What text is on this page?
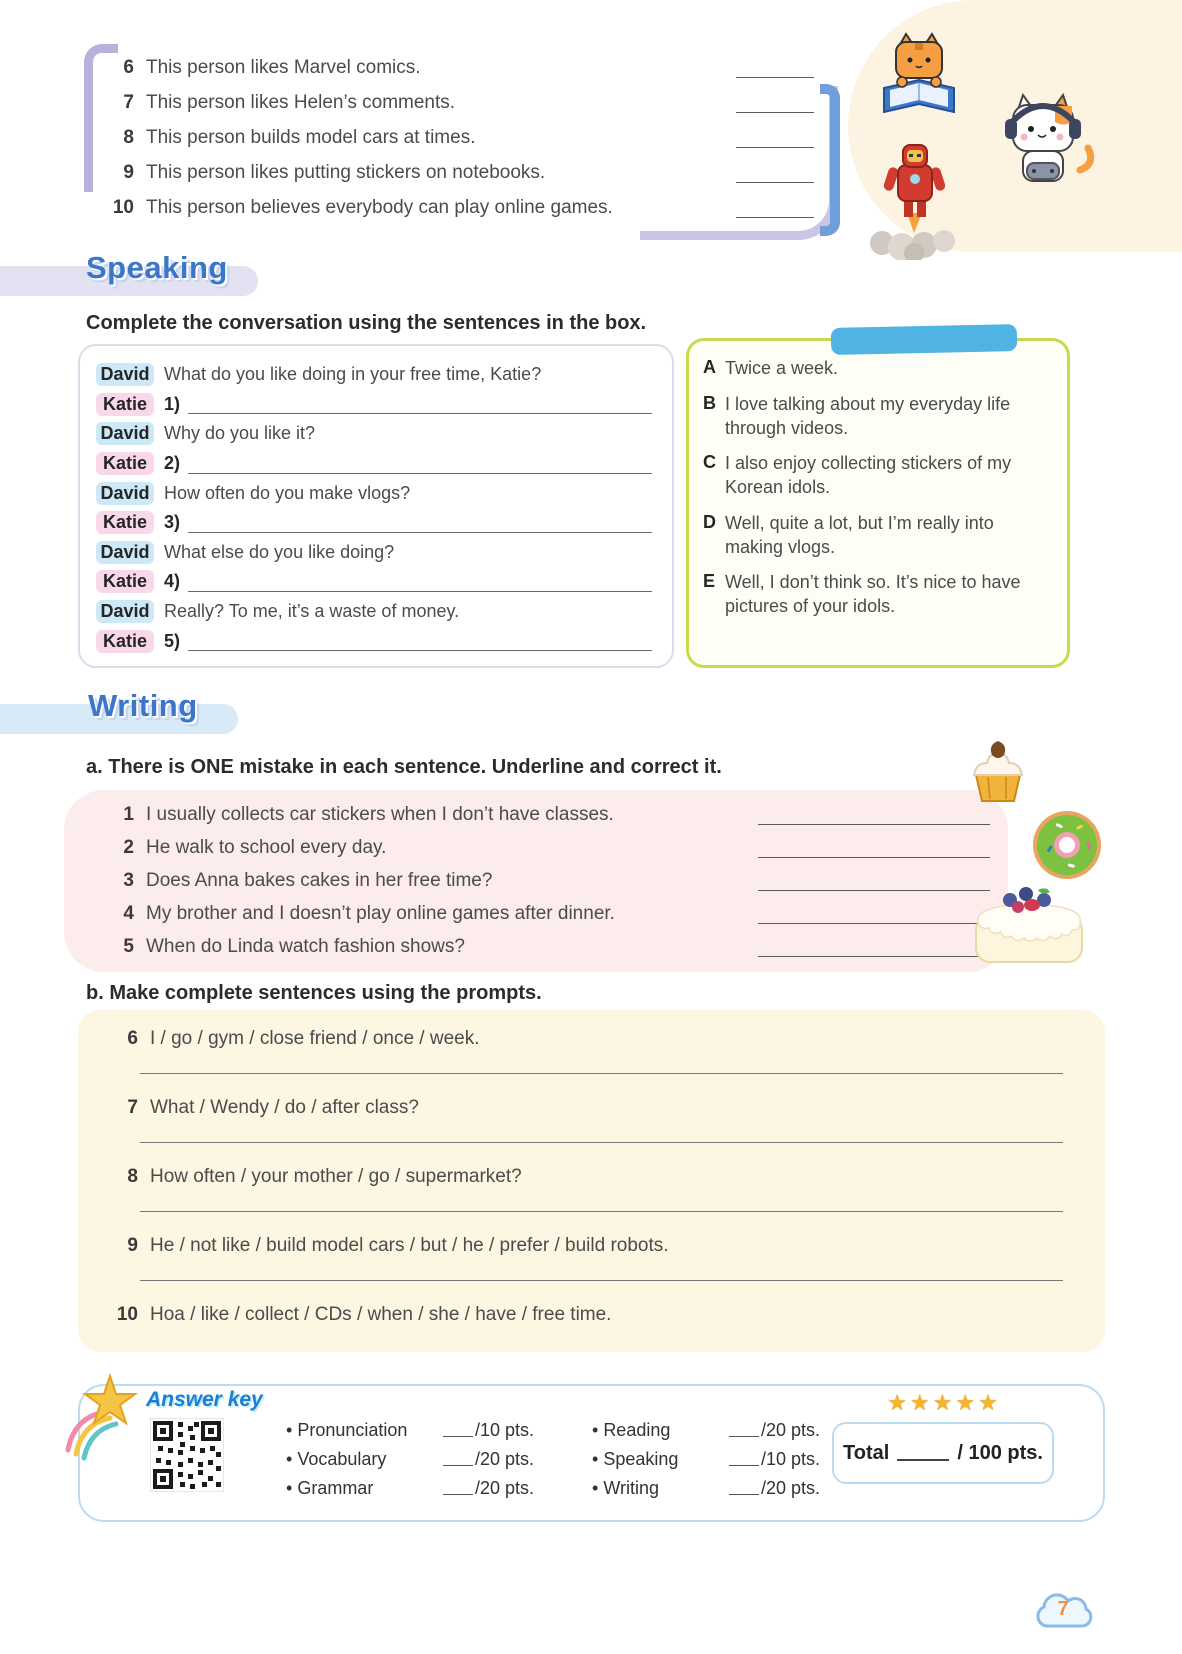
6 This person likes Marvel comics.
7 This person likes Helen’s comments.
8 This person builds model cars at times.
9 This person likes putting stickers on notebooks.
10 This person believes everybody can play online games.
Speaking
Complete the conversation using the sentences in the box.
David What do you like doing in your free time, Katie?
Katie 1)
David Why do you like it?
Katie 2)
David How often do you make vlogs?
Katie 3)
David What else do you like doing?
Katie 4)
David Really? To me, it’s a waste of money.
Katie 5)
A Twice a week.
B I love talking about my everyday life through videos.
C I also enjoy collecting stickers of my Korean idols.
D Well, quite a lot, but I’m really into making vlogs.
E Well, I don’t think so. It’s nice to have pictures of your idols.
Writing
a. There is ONE mistake in each sentence. Underline and correct it.
1 I usually collects car stickers when I don’t have classes.
2 He walk to school every day.
3 Does Anna bakes cakes in her free time?
4 My brother and I doesn’t play online games after dinner.
5 When do Linda watch fashion shows?
b. Make complete sentences using the prompts.
6 I / go / gym / close friend / once / week.
7 What / Wendy / do / after class?
8 How often / your mother / go / supermarket?
9 He / not like / build model cars / but / he / prefer / build robots.
10 Hoa / like / collect / CDs / when / she / have / free time.
Answer key
• Pronunciation	/10 pts.
• Vocabulary	/20 pts.
• Grammar	/20 pts.
• Reading	/20 pts.
• Speaking	/10 pts.
• Writing	/20 pts.
★★★★★
Total	/ 100 pts.
7
